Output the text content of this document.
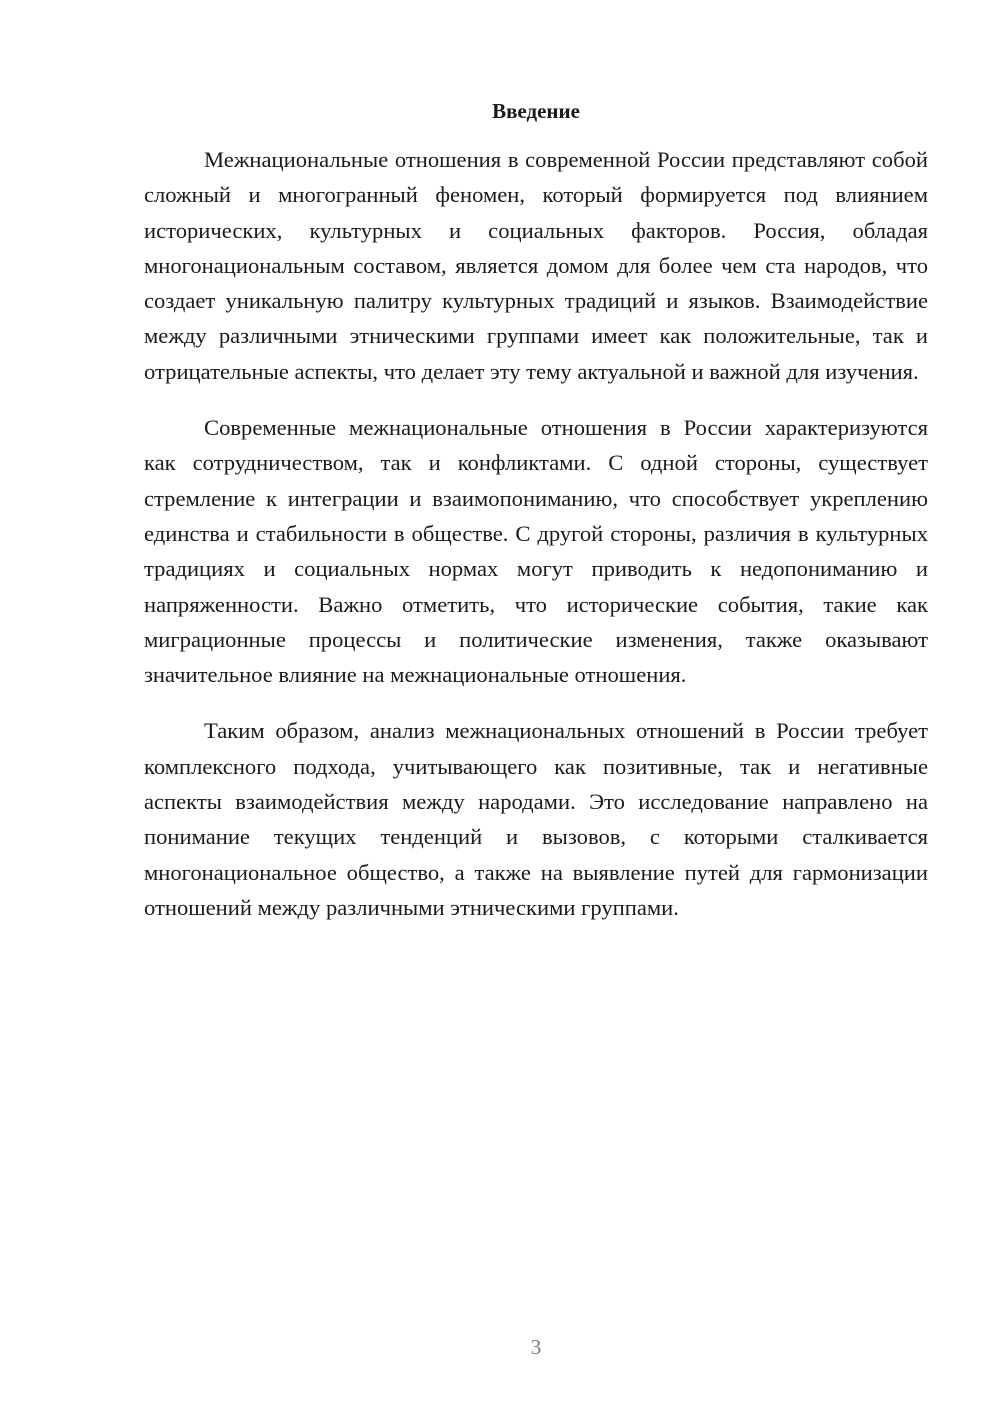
Введение

Межнациональные отношения в современной России представляют собой сложный и многогранный феномен, который формируется под влиянием исторических, культурных и социальных факторов. Россия, обладая многонациональным составом, является домом для более чем ста народов, что создает уникальную палитру культурных традиций и языков. Взаимодействие между различными этническими группами имеет как положительные, так и отрицательные аспекты, что делает эту тему актуальной и важной для изучения.

Современные межнациональные отношения в России характеризуются как сотрудничеством, так и конфликтами. С одной стороны, существует стремление к интеграции и взаимопониманию, что способствует укреплению единства и стабильности в обществе. С другой стороны, различия в культурных традициях и социальных нормах могут приводить к недопониманию и напряженности. Важно отметить, что исторические события, такие как миграционные процессы и политические изменения, также оказывают значительное влияние на межнациональные отношения.

Таким образом, анализ межнациональных отношений в России требует комплексного подхода, учитывающего как позитивные, так и негативные аспекты взаимодействия между народами. Это исследование направлено на понимание текущих тенденций и вызовов, с которыми сталкивается многонациональное общество, а также на выявление путей для гармонизации отношений между различными этническими группами.

3
